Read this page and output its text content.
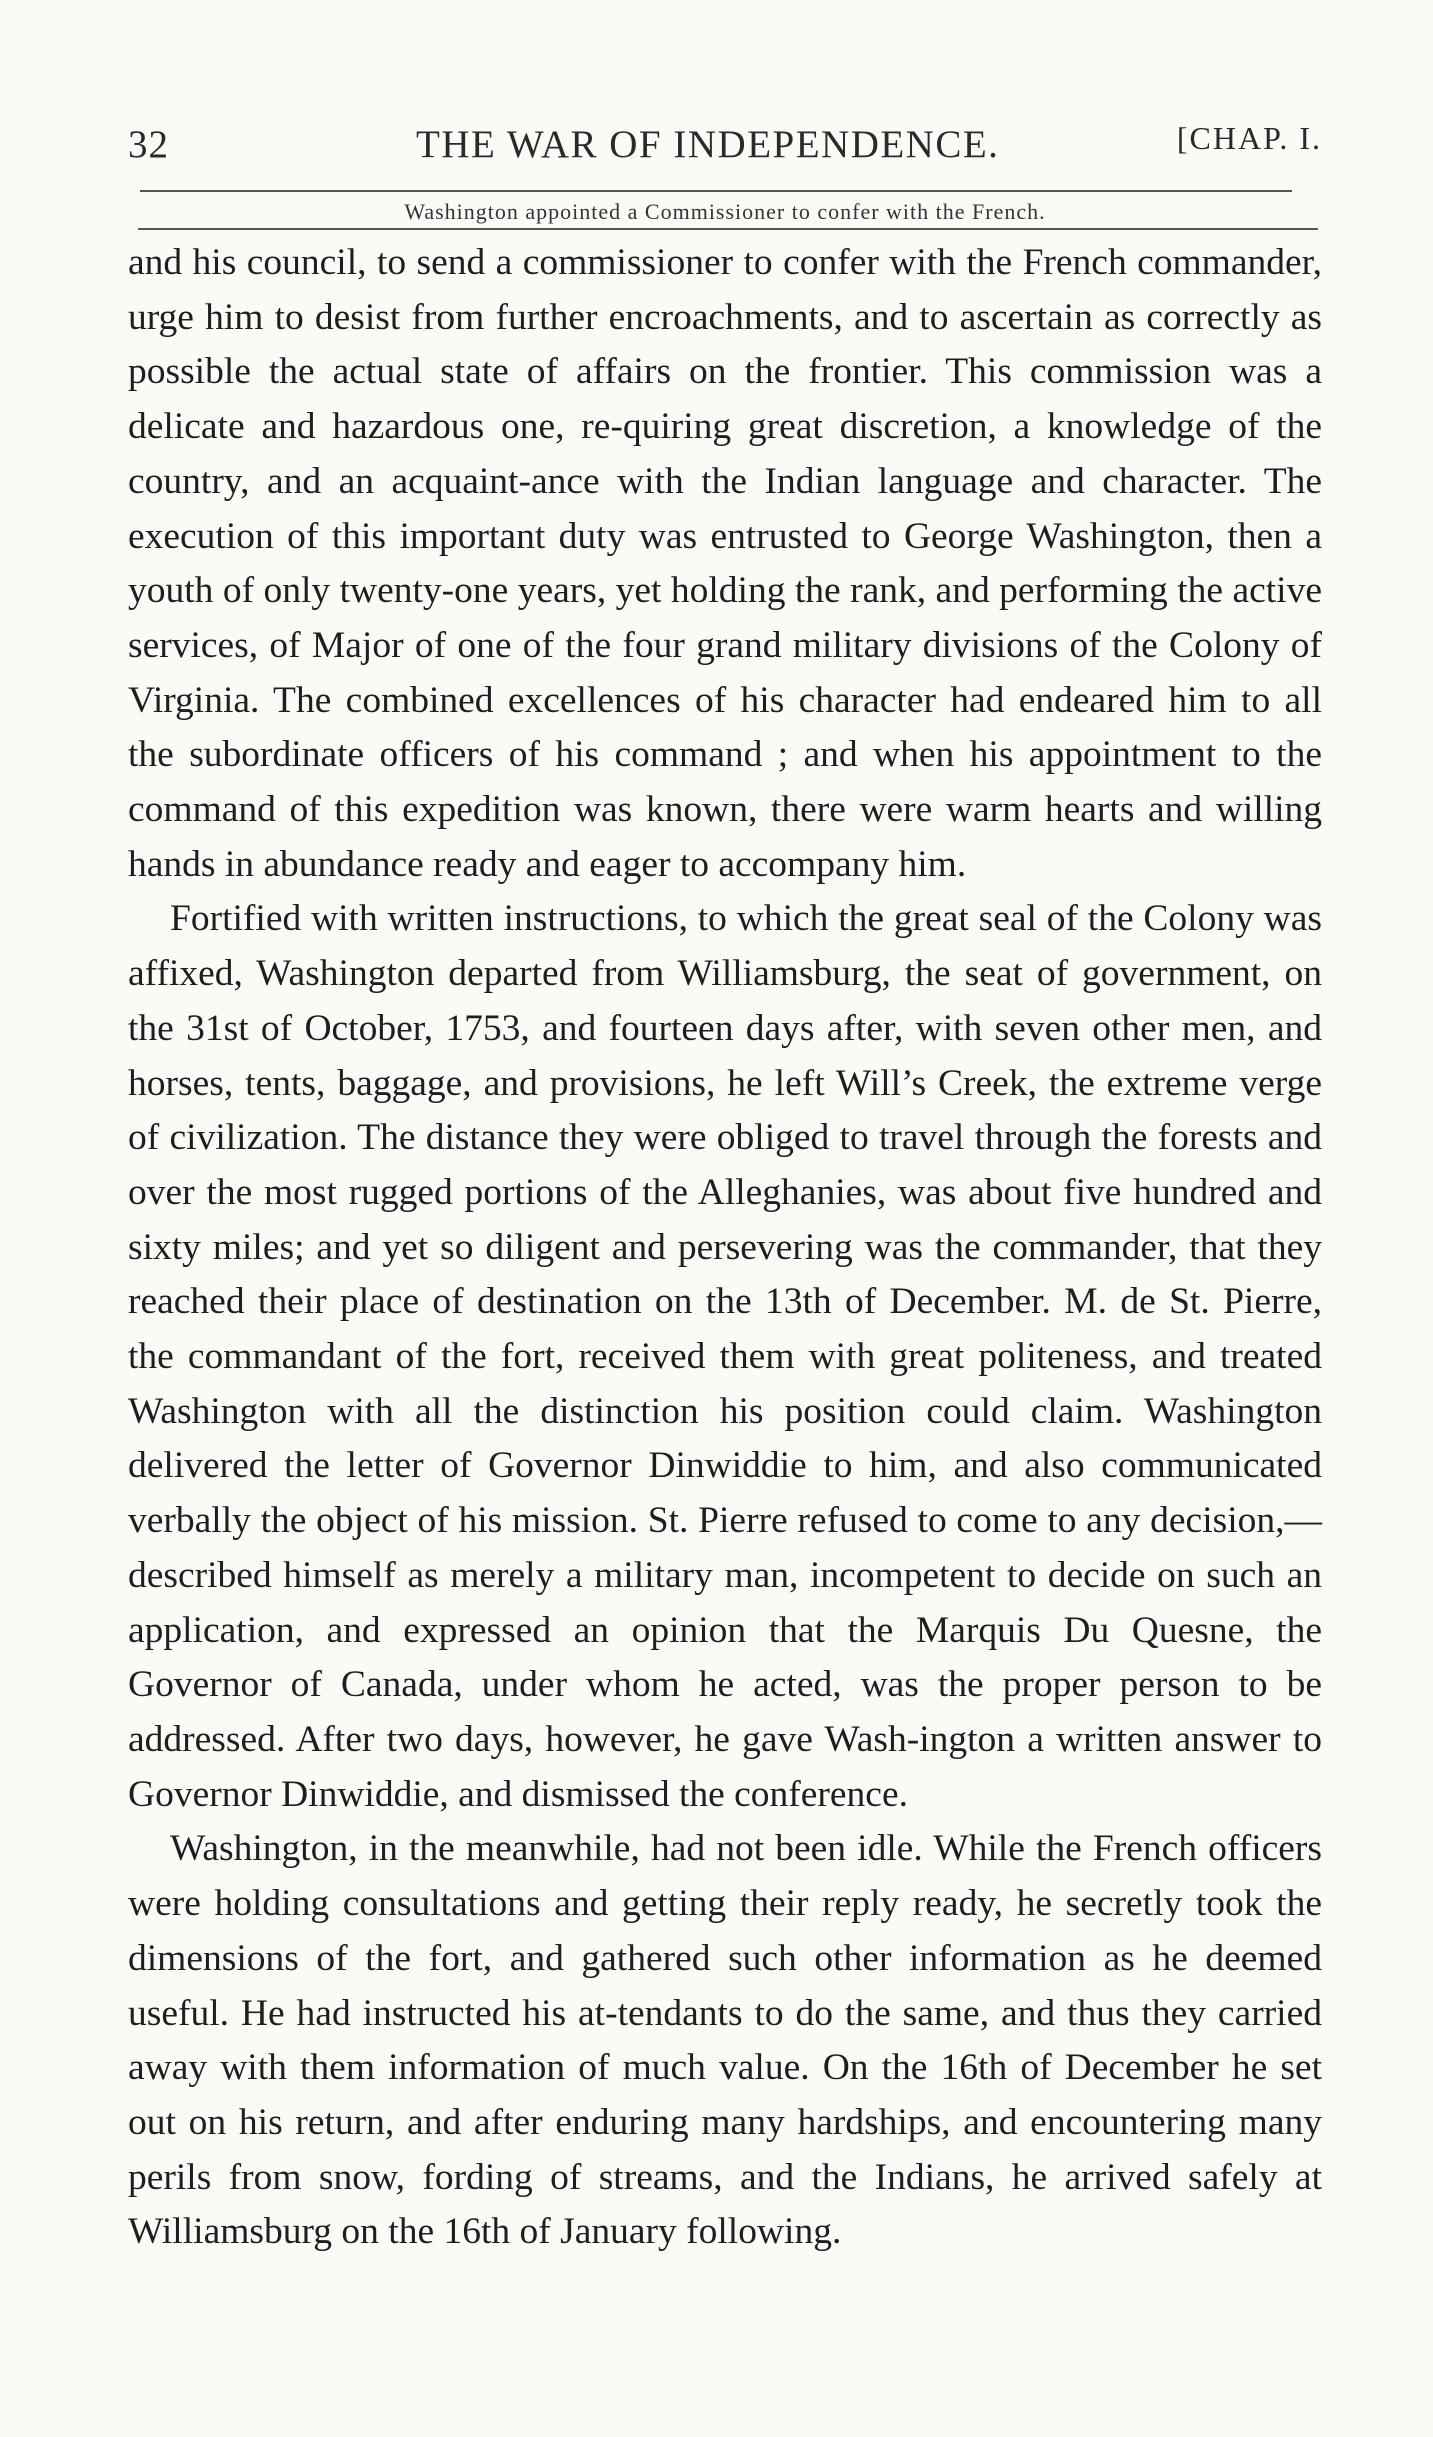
32	THE WAR OF INDEPENDENCE.	[CHAP. I.
Washington appointed a Commissioner to confer with the French.

and his council, to send a commissioner to confer with the French commander, urge him to desist from further encroachments, and to ascertain as correctly as possible the actual state of affairs on the frontier. This commission was a delicate and hazardous one, re-quiring great discretion, a knowledge of the country, and an acquaint-ance with the Indian language and character. The execution of this important duty was entrusted to George Washington, then a youth of only twenty-one years, yet holding the rank, and performing the active services, of Major of one of the four grand military divisions of the Colony of Virginia. The combined excellences of his character had endeared him to all the subordinate officers of his command ; and when his appointment to the command of this expedition was known, there were warm hearts and willing hands in abundance ready and eager to accompany him.

Fortified with written instructions, to which the great seal of the Colony was affixed, Washington departed from Williamsburg, the seat of government, on the 31st of October, 1753, and fourteen days after, with seven other men, and horses, tents, baggage, and provisions, he left Will’s Creek, the extreme verge of civilization. The distance they were obliged to travel through the forests and over the most rugged portions of the Alleghanies, was about five hundred and sixty miles; and yet so diligent and persevering was the commander, that they reached their place of destination on the 13th of December. M. de St. Pierre, the commandant of the fort, received them with great politeness, and treated Washington with all the distinction his position could claim. Washington delivered the letter of Governor Dinwiddie to him, and also communicated verbally the object of his mission. St. Pierre refused to come to any decision,—described himself as merely a military man, incompetent to decide on such an application, and expressed an opinion that the Marquis Du Quesne, the Governor of Canada, under whom he acted, was the proper person to be addressed. After two days, however, he gave Wash-ington a written answer to Governor Dinwiddie, and dismissed the conference.

Washington, in the meanwhile, had not been idle. While the French officers were holding consultations and getting their reply ready, he secretly took the dimensions of the fort, and gathered such other information as he deemed useful. He had instructed his at-tendants to do the same, and thus they carried away with them information of much value. On the 16th of December he set out on his return, and after enduring many hardships, and encountering many perils from snow, fording of streams, and the Indians, he arrived safely at Williamsburg on the 16th of January following.
